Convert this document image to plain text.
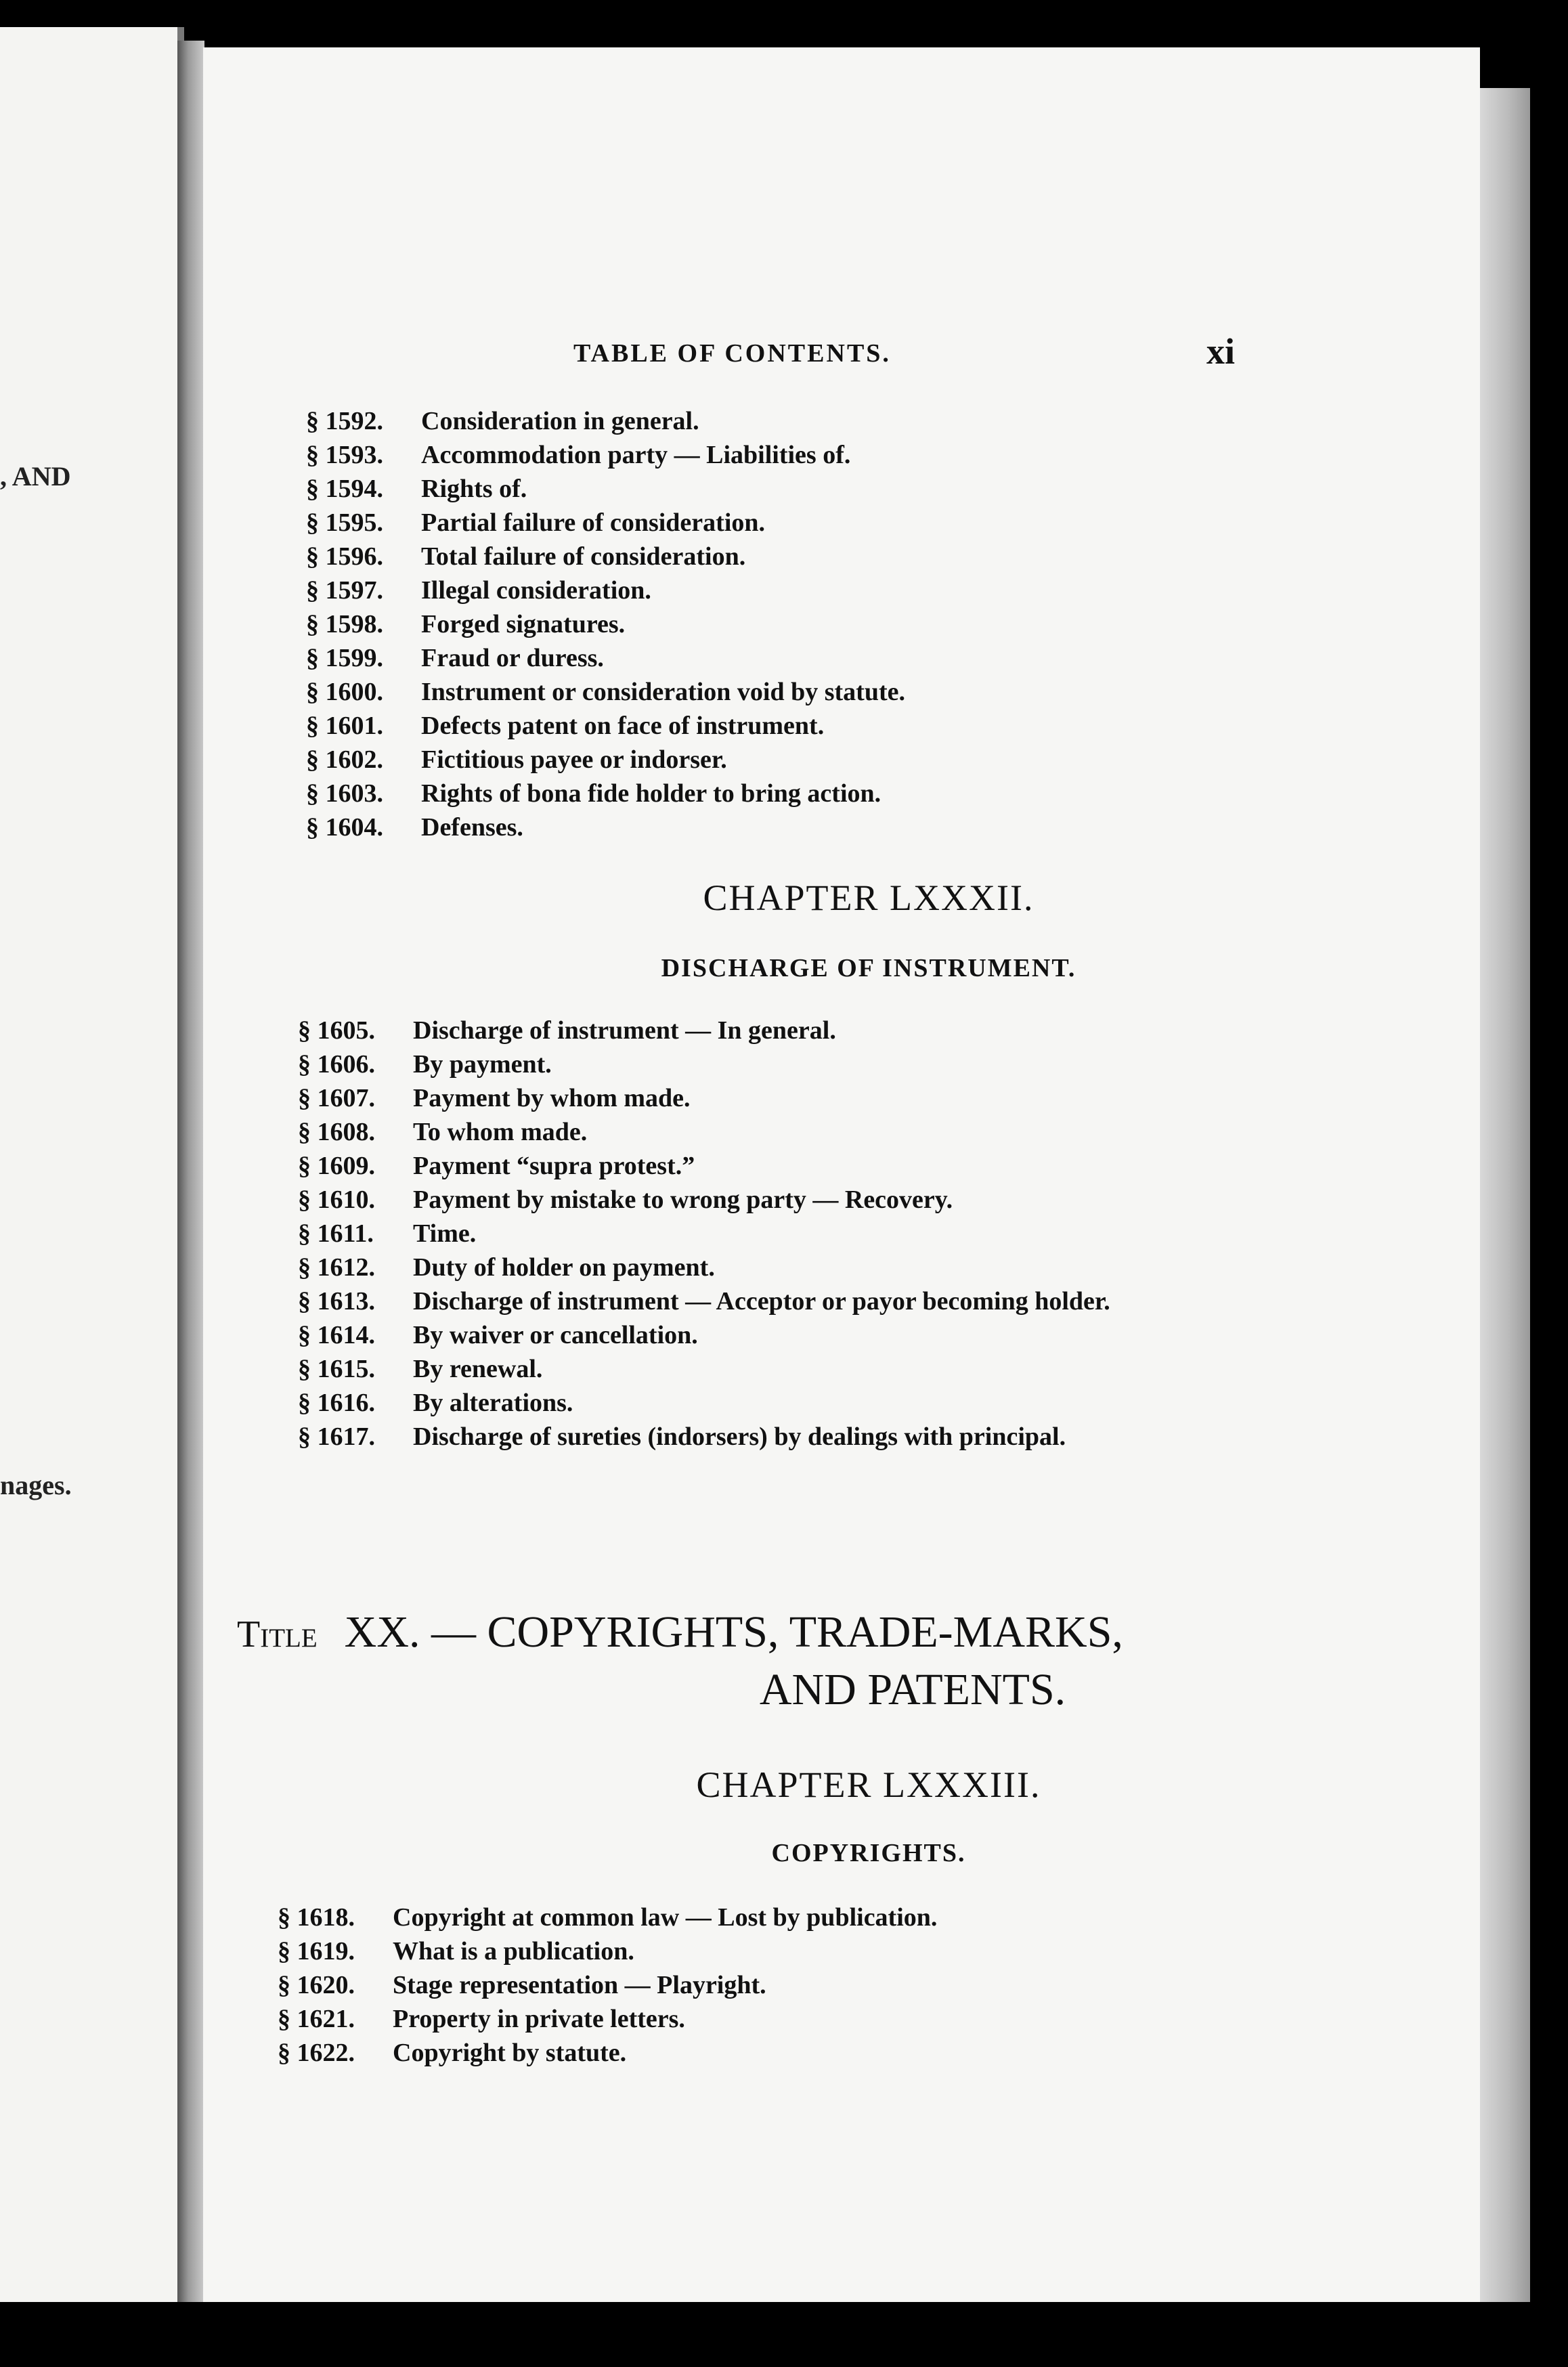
, AND
nages.
TABLE OF CONTENTS.	xi
§ 1592. Consideration in general.
§ 1593. Accommodation party — Liabilities of.
§ 1594. Rights of.
§ 1595. Partial failure of consideration.
§ 1596. Total failure of consideration.
§ 1597. Illegal consideration.
§ 1598. Forged signatures.
§ 1599. Fraud or duress.
§ 1600. Instrument or consideration void by statute.
§ 1601. Defects patent on face of instrument.
§ 1602. Fictitious payee or indorser.
§ 1603. Rights of bona fide holder to bring action.
§ 1604. Defenses.
CHAPTER LXXXII.
DISCHARGE OF INSTRUMENT.
§ 1605. Discharge of instrument — In general.
§ 1606. By payment.
§ 1607. Payment by whom made.
§ 1608. To whom made.
§ 1609. Payment “supra protest.”
§ 1610. Payment by mistake to wrong party — Recovery.
§ 1611. Time.
§ 1612. Duty of holder on payment.
§ 1613. Discharge of instrument — Acceptor or payor becoming holder.
§ 1614. By waiver or cancellation.
§ 1615. By renewal.
§ 1616. By alterations.
§ 1617. Discharge of sureties (indorsers) by dealings with principal.
Title XX. — COPYRIGHTS, TRADE-MARKS,
AND PATENTS.
CHAPTER LXXXIII.
COPYRIGHTS.
§ 1618. Copyright at common law — Lost by publication.
§ 1619. What is a publication.
§ 1620. Stage representation — Playright.
§ 1621. Property in private letters.
§ 1622. Copyright by statute.
